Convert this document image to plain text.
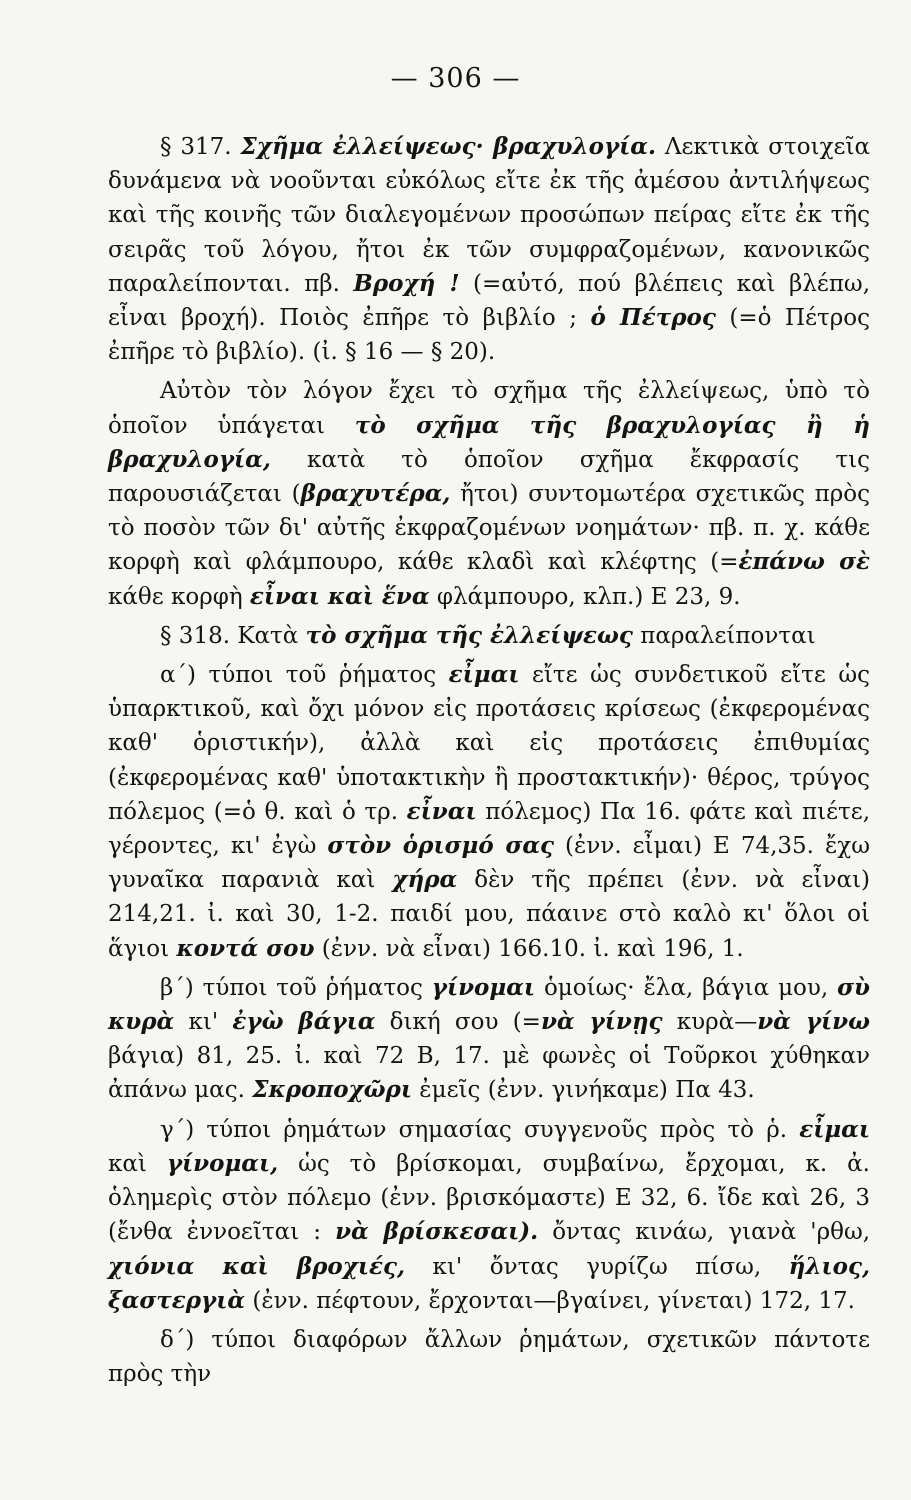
— 306 —

§ 317. Σχῆμα ἐλλείψεως· βραχυλογία. Λεκτικὰ στοιχεῖα δυνάμενα νὰ νοοῦνται εὐκόλως εἴτε ἐκ τῆς ἀμέσου ἀντιλήψεως καὶ τῆς κοινῆς τῶν διαλεγομένων προσώπων πείρας εἴτε ἐκ τῆς σειρᾶς τοῦ λόγου, ἤτοι ἐκ τῶν συμφραζομένων, κανονικῶς παραλείπονται. πβ. Βροχή ! (=αὐτό, πού βλέπεις καὶ βλέπω, εἶναι βροχή). Ποιὸς ἐπῆρε τὸ βιβλίο ; ὁ Πέτρος (=ὁ Πέτρος ἐπῆρε τὸ βιβλίο). (ἰ. § 16 — § 20).

Αὐτὸν τὸν λόγον ἔχει τὸ σχῆμα τῆς ἐλλείψεως, ὑπὸ τὸ ὁποῖον ὑπάγεται τὸ σχῆμα τῆς βραχυλογίας ἢ ἡ βραχυλογία, κατὰ τὸ ὁποῖον σχῆμα ἔκφρασίς τις παρουσιάζεται (βραχυτέρα, ἤτοι) συντομωτέρα σχετικῶς πρὸς τὸ ποσὸν τῶν δι' αὐτῆς ἐκφραζομένων νοημάτων· πβ. π. χ. κάθε κορφὴ καὶ φλάμπουρο, κάθε κλαδὶ καὶ κλέφτης (=ἐπάνω σὲ κάθε κορφὴ εἶναι καὶ ἕνα φλάμπουρο, κλπ.) Ε 23, 9.

§ 318. Κατὰ τὸ σχῆμα τῆς ἐλλείψεως παραλείπονται

α΄) τύποι τοῦ ῥήματος εἶμαι εἴτε ὡς συνδετικοῦ εἴτε ὡς ὑπαρκτικοῦ, καὶ ὄχι μόνον εἰς προτάσεις κρίσεως (ἐκφερομένας καθ' ὁριστικήν), ἀλλὰ καὶ εἰς προτάσεις ἐπιθυμίας (ἐκφερομένας καθ' ὑποτακτικὴν ἢ προστακτικήν)· θέρος, τρύγος πόλεμος (=ὁ θ. καὶ ὁ τρ. εἶναι πόλεμος) Πα 16. φάτε καὶ πιέτε, γέροντες, κι' ἐγὼ στὸν ὁρισμό σας (ἐνν. εἶμαι) Ε 74,35. ἔχω γυναῖκα παρανιὰ καὶ χήρα δὲν τῆς πρέπει (ἐνν. νὰ εἶναι) 214,21. ἰ. καὶ 30, 1-2. παιδί μου, πάαινε στὸ καλὸ κι' ὅλοι οἱ ἅγιοι κοντά σου (ἐνν. νὰ εἶναι) 166.10. ἰ. καὶ 196, 1.

β΄) τύποι τοῦ ῥήματος γίνομαι ὁμοίως· ἔλα, βάγια μου, σὺ κυρὰ κι' ἐγὼ βάγια δική σου (=νὰ γίνῃς κυρὰ—νὰ γίνω βάγια) 81, 25. ἰ. καὶ 72 Β, 17. μὲ φωνὲς οἱ Τοῦρκοι χύθηκαν ἀπάνω μας. Σκροποχῶρι ἐμεῖς (ἐνν. γινήκαμε) Πα 43.

γ΄) τύποι ῥημάτων σημασίας συγγενοῦς πρὸς τὸ ῥ. εἶμαι καὶ γίνομαι, ὡς τὸ βρίσκομαι, συμβαίνω, ἔρχομαι, κ. ἀ. ὁλημερὶς στὸν πόλεμο (ἐνν. βρισκόμαστε) Ε 32, 6. ἴδε καὶ 26, 3 (ἔνθα ἐννοεῖται : νὰ βρίσκεσαι). ὄντας κινάω, γιανὰ 'ρθω, χιόνια καὶ βροχιές, κι' ὄντας γυρίζω πίσω, ἥλιος, ξαστεργιὰ (ἐνν. πέφτουν, ἔρχονται—βγαίνει, γίνεται) 172, 17.

δ΄) τύποι διαφόρων ἄλλων ῥημάτων, σχετικῶν πάντοτε πρὸς τὴν
